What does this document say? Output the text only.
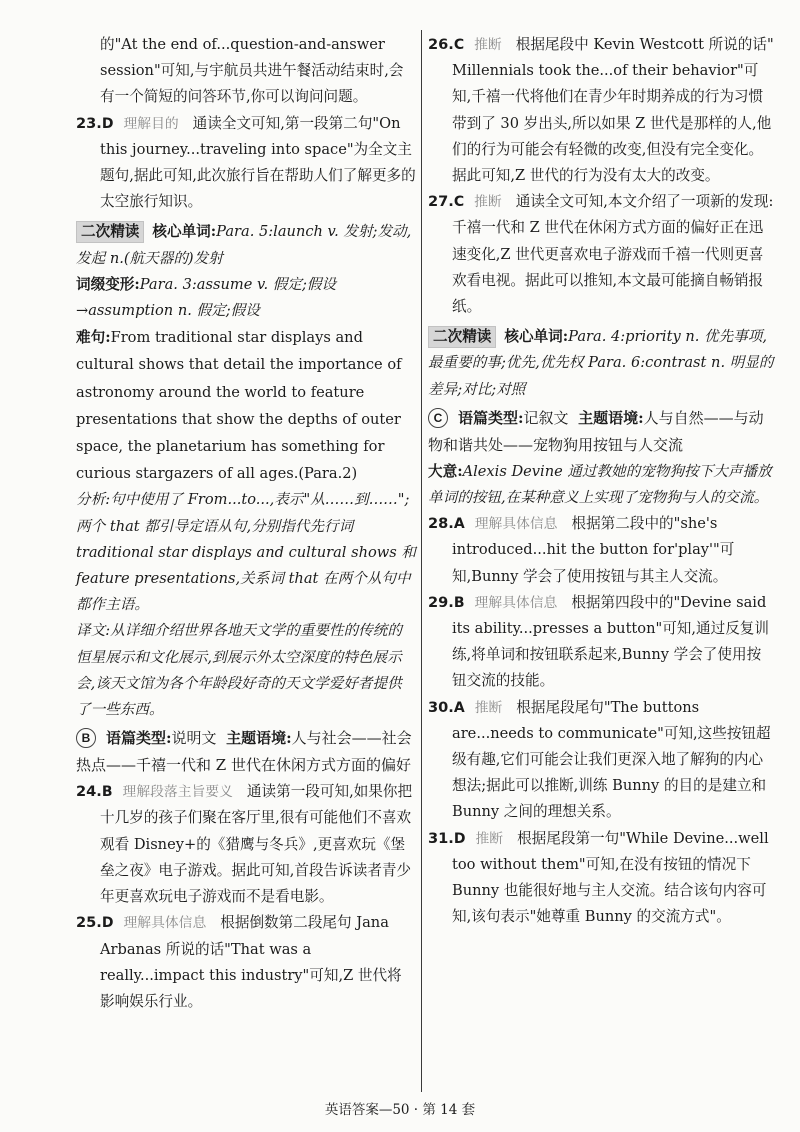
的"At the end of...question-and-answer session"可知,与宇航员共进午餐活动结束时,会有一个简短的问答环节,你可以询问问题。

23.D 理解目的 通读全文可知,第一段第二句"On this journey...traveling into space"为全文主题句,据此可知,此次旅行旨在帮助人们了解更多的太空旅行知识。

二次精读 核心单词:Para. 5:launch v. 发射;发动,发起 n.(航天器的)发射

词缀变形:Para. 3:assume v. 假定;假设→assumption n. 假定;假设

难句:From traditional star displays and cultural shows that detail the importance of astronomy around the world to feature presentations that show the depths of outer space, the planetarium has something for curious stargazers of all ages.(Para.2)

分析:句中使用了 From...to...,表示"从……到……";两个 that 都引导定语从句,分别指代先行词 traditional star displays and cultural shows 和 feature presentations,关系词 that 在两个从句中都作主语。

译文:从详细介绍世界各地天文学的重要性的传统的恒星展示和文化展示,到展示外太空深度的特色展示会,该天文馆为各个年龄段好奇的天文学爱好者提供了一些东西。

B 语篇类型:说明文 主题语境:人与社会——社会热点——千禧一代和 Z 世代在休闲方式方面的偏好

24.B 理解段落主旨要义 通读第一段可知,如果你把十几岁的孩子们聚在客厅里,很有可能他们不喜欢观看 Disney+的《猎鹰与冬兵》,更喜欢玩《堡垒之夜》电子游戏。据此可知,首段告诉读者青少年更喜欢玩电子游戏而不是看电影。

25.D 理解具体信息 根据倒数第二段尾句 Jana Arbanas 所说的话"That was a really...impact this industry"可知,Z 世代将影响娱乐行业。

26.C 推断 根据尾段中 Kevin Westcott 所说的话" Millennials took the...of their behavior"可知,千禧一代将他们在青少年时期养成的行为习惯带到了 30 岁出头,所以如果 Z 世代是那样的人,他们的行为可能会有轻微的改变,但没有完全变化。据此可知,Z 世代的行为没有太大的改变。

27.C 推断 通读全文可知,本文介绍了一项新的发现:千禧一代和 Z 世代在休闲方式方面的偏好正在迅速变化,Z 世代更喜欢电子游戏而千禧一代则更喜欢看电视。据此可以推知,本文最可能摘自畅销报纸。

二次精读 核心单词:Para. 4:priority n. 优先事项,最重要的事;优先,优先权 Para. 6:contrast n. 明显的差异;对比;对照

C 语篇类型:记叙文 主题语境:人与自然——与动物和谐共处——宠物狗用按钮与人交流

大意:Alexis Devine 通过教她的宠物狗按下大声播放单词的按钮,在某种意义上实现了宠物狗与人的交流。

28.A 理解具体信息 根据第二段中的"she's introduced...hit the button for'play'"可知,Bunny 学会了使用按钮与其主人交流。

29.B 理解具体信息 根据第四段中的"Devine said its ability...presses a button"可知,通过反复训练,将单词和按钮联系起来,Bunny 学会了使用按钮交流的技能。

30.A 推断 根据尾段尾句"The buttons are...needs to communicate"可知,这些按钮超级有趣,它们可能会让我们更深入地了解狗的内心想法;据此可以推断,训练 Bunny 的目的是建立和 Bunny 之间的理想关系。

31.D 推断 根据尾段第一句"While Devine...well too without them"可知,在没有按钮的情况下 Bunny 也能很好地与主人交流。结合该句内容可知,该句表示"她尊重 Bunny 的交流方式"。

英语答案—50 · 第 14 套
